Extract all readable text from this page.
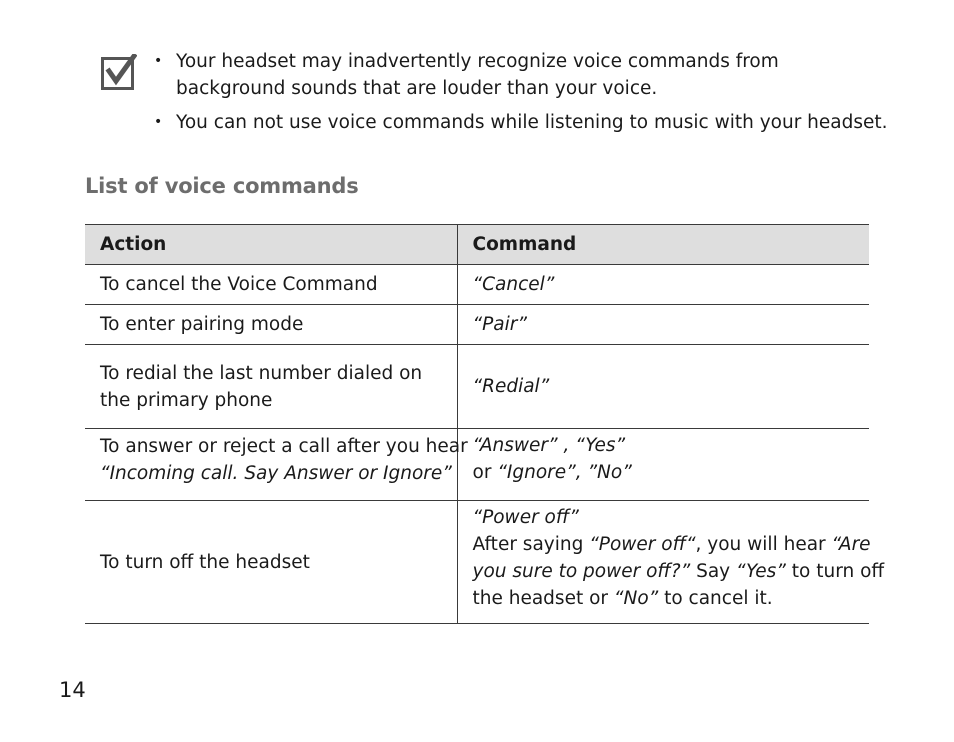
• Your headset may inadvertently recognize voice commands from
background sounds that are louder than your voice.
• You can not use voice commands while listening to music with your headset.
List of voice commands
Action	Command
To cancel the Voice Command	“Cancel”
To enter pairing mode	“Pair”
To redial the last number dialed on
the primary phone	“Redial”
To answer or reject a call after you hear
“Incoming call. Say Answer or Ignore”	“Answer” , “Yes”
or “Ignore”, ”No”
To turn off the headset	“Power off”
After saying “Power off“, you will hear “Are
you sure to power off?” Say “Yes” to turn off
the headset or “No” to cancel it.
14
